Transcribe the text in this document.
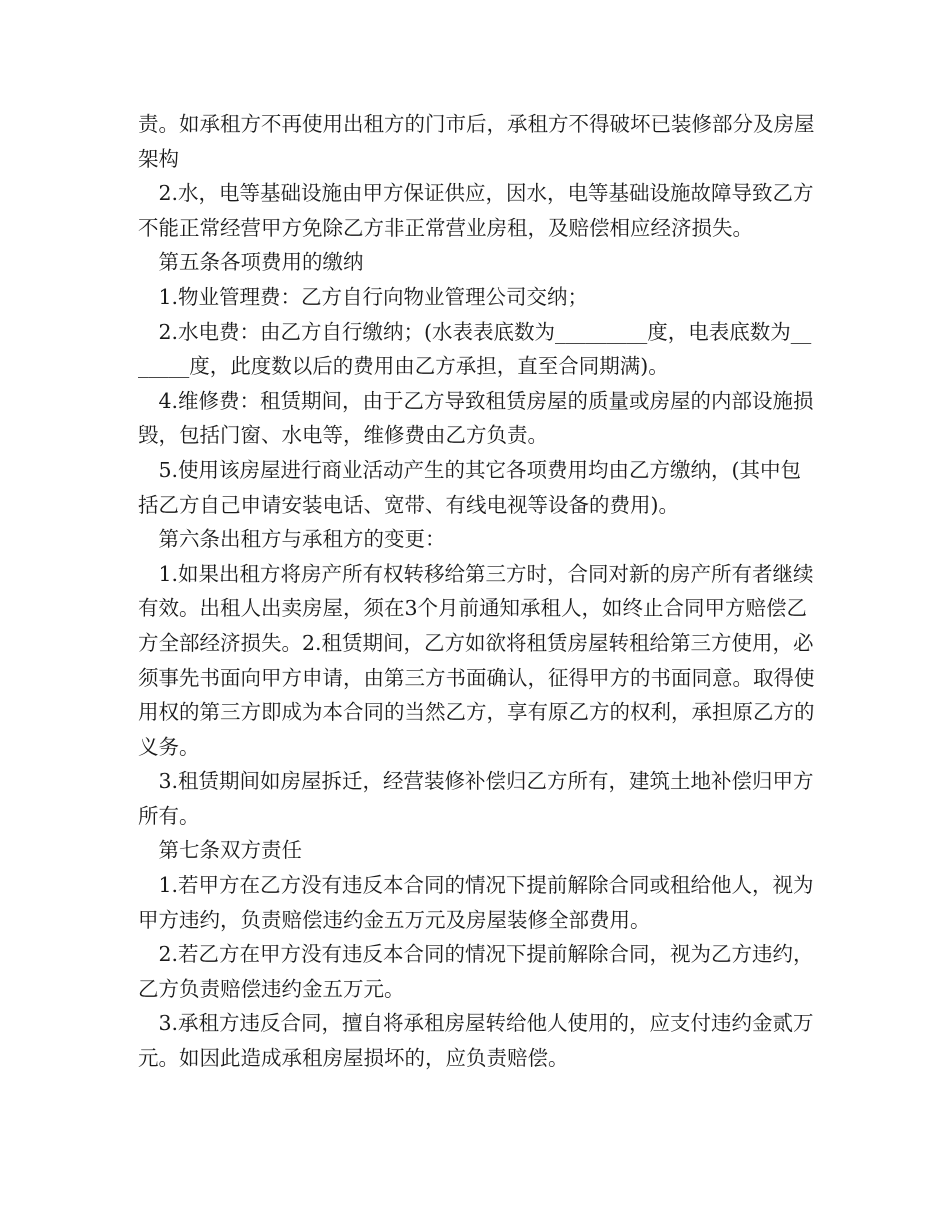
责。如承租方不再使用出租方的门市后，承租方不得破坏已装修部分及房屋架构

2.水，电等基础设施由甲方保证供应，因水，电等基础设施故障导致乙方不能正常经营甲方免除乙方非正常营业房租，及赔偿相应经济损失。

第五条各项费用的缴纳

1.物业管理费：乙方自行向物业管理公司交纳；

2.水电费：由乙方自行缴纳；(水表表底数为_________度，电表底数为_______度，此度数以后的费用由乙方承担，直至合同期满)。

4.维修费：租赁期间，由于乙方导致租赁房屋的质量或房屋的内部设施损毁，包括门窗、水电等，维修费由乙方负责。

5.使用该房屋进行商业活动产生的其它各项费用均由乙方缴纳，(其中包括乙方自己申请安装电话、宽带、有线电视等设备的费用)。

第六条出租方与承租方的变更：

1.如果出租方将房产所有权转移给第三方时，合同对新的房产所有者继续有效。出租人出卖房屋，须在3个月前通知承租人，如终止合同甲方赔偿乙方全部经济损失。2.租赁期间，乙方如欲将租赁房屋转租给第三方使用，必须事先书面向甲方申请，由第三方书面确认，征得甲方的书面同意。取得使用权的第三方即成为本合同的当然乙方，享有原乙方的权利，承担原乙方的义务。

3.租赁期间如房屋拆迁，经营装修补偿归乙方所有，建筑土地补偿归甲方所有。

第七条双方责任

1.若甲方在乙方没有违反本合同的情况下提前解除合同或租给他人，视为甲方违约，负责赔偿违约金五万元及房屋装修全部费用。

2.若乙方在甲方没有违反本合同的情况下提前解除合同，视为乙方违约，乙方负责赔偿违约金五万元。

3.承租方违反合同，擅自将承租房屋转给他人使用的，应支付违约金贰万元。如因此造成承租房屋损坏的，应负责赔偿。
